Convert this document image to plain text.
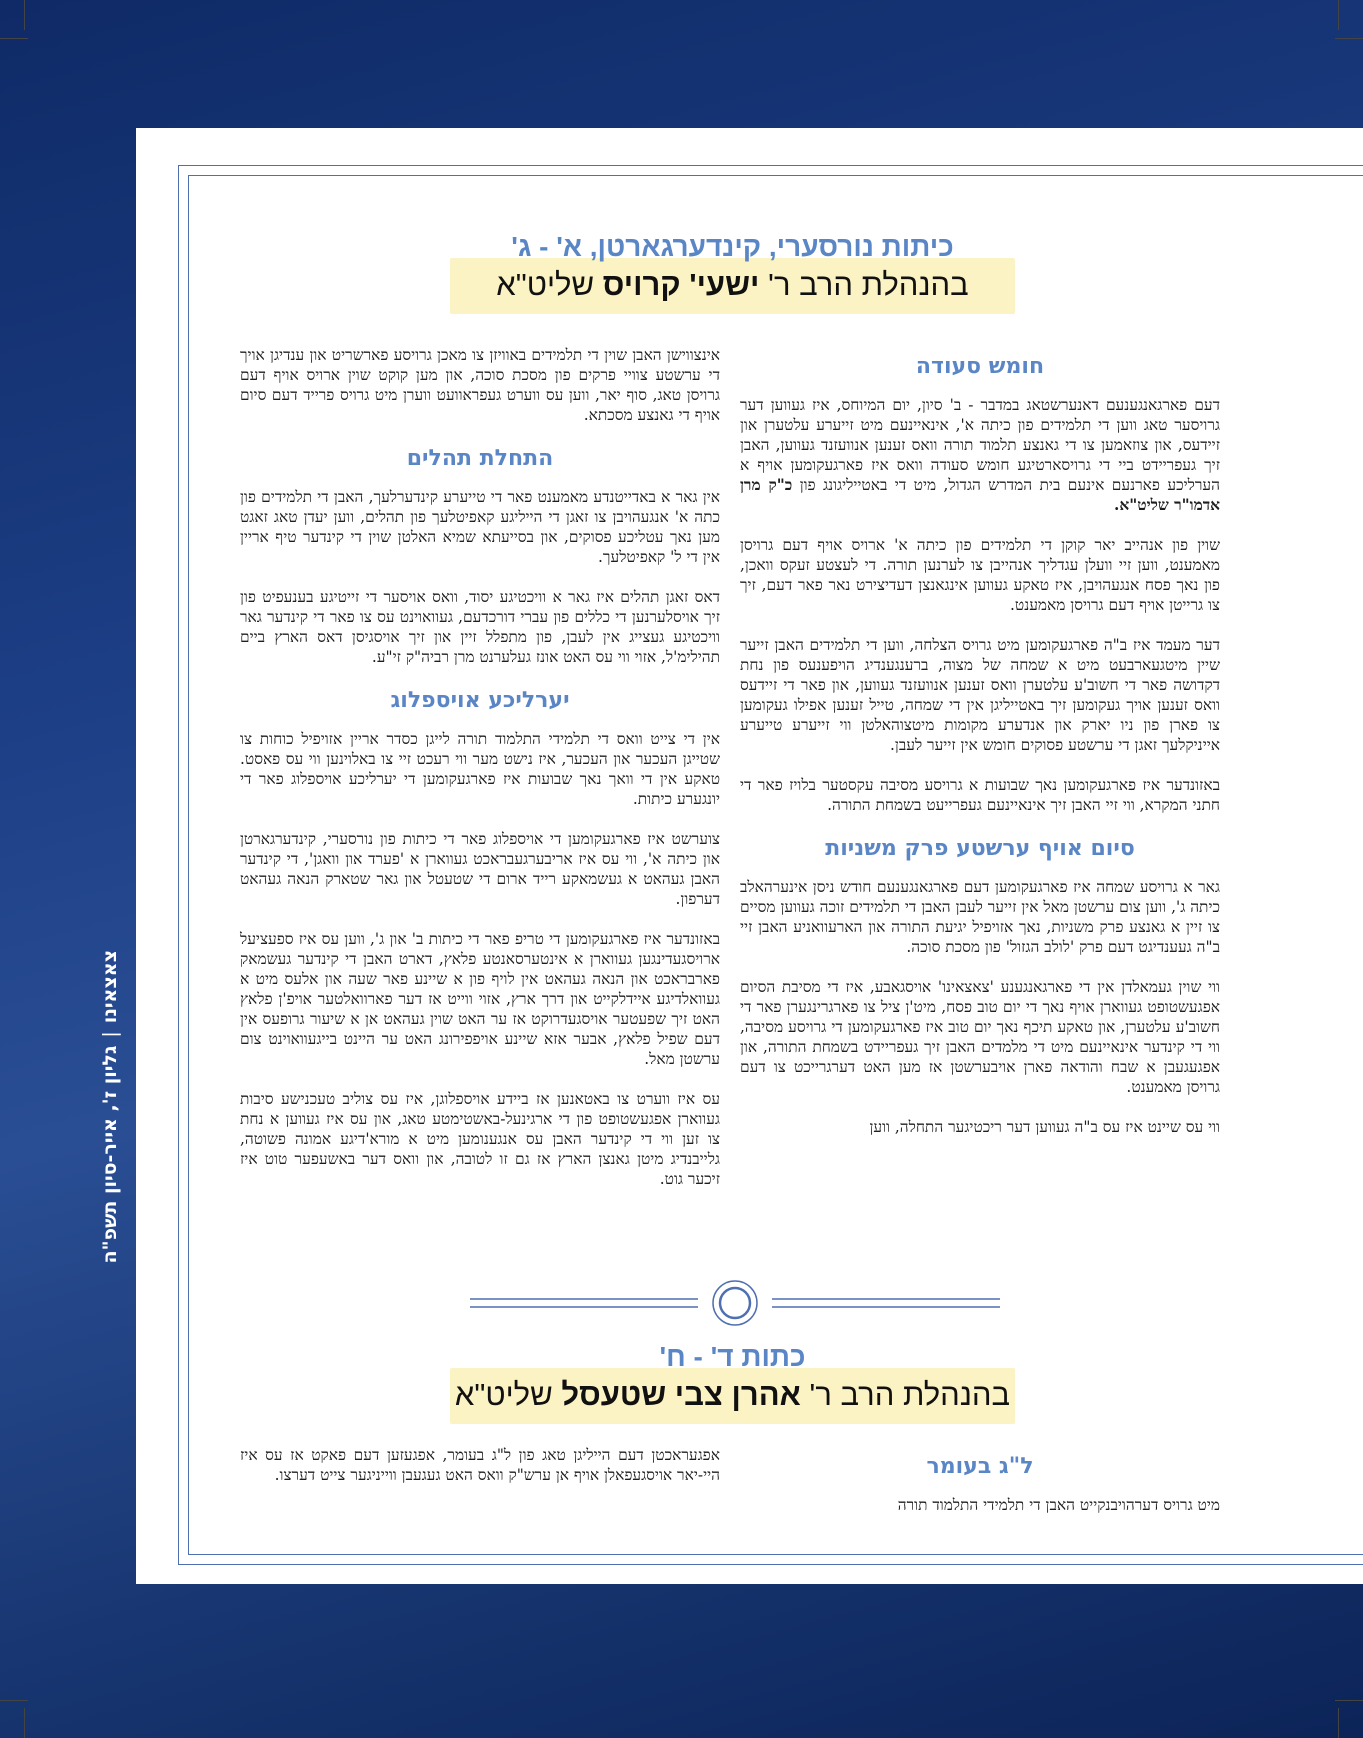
צאצאינו|גליון ז', אייר-סיון תשפ"ה
כיתות נורסערי, קינדערגארטן, א' - ג'
בהנהלת הרב ר' ישעי' קרויס שליט"א
חומש סעודה

דעם פארגאנגענעם דאנערשטאג במדבר - ב' סיון, יום המיוחס, איז געווען דער גרויסער טאג ווען די תלמידים פון כיתה א', אינאיינעם מיט זייערע עלטערן און זיידעס, און צוזאמען צו די גאנצע תלמוד תורה וואס זענען אנוועזנד געווען, האבן זיך געפריידט ביי די גרויסארטיגע חומש סעודה וואס איז פארגעקומען אויף א הערליכע פארנעם אינעם בית המדרש הגדול, מיט די באטייליגונג פון כ"ק מרן אדמו"ר שליט"א.

שוין פון אנהייב יאר קוקן די תלמידים פון כיתה א' ארויס אויף דעם גרויסן מאמענט, ווען זיי וועלן עגדליך אנהייבן צו לערנען תורה. די לעצטע זעקס וואכן, פון נאך פסח אנגעהויבן, איז טאקע געווען אינגאנצן דעדיצירט נאר פאר דעם, זיך צו גרייטן אויף דעם גרויסן מאמענט.

דער מעמד איז ב"ה פארגעקומען מיט גרויס הצלחה, ווען די תלמידים האבן זייער שיין מיטגעארבעט מיט א שמחה של מצוה, ברענגענדיג הויפענעס פון נחת דקדושה פאר די חשוב'ע עלטערן וואס זענען אנוועזנד געווען, און פאר די זיידעס וואס זענען אויך געקומען זיך באטייליגן אין די שמחה, טייל זענען אפילו געקומען צו פארן פון ניו יארק און אנדערע מקומות מיטצוהאלטן ווי זייערע טייערע אייניקלעך זאגן די ערשטע פסוקים חומש אין זייער לעבן.

באזונדער איז פארגעקומען נאך שבועות א גרויסע מסיבה עקסטער בלויז פאר די חתני המקרא, ווי זיי האבן זיך אינאיינעם געפרייעט בשמחת התורה.

סיום אויף ערשטע פרק משניות

גאר א גרויסע שמחה איז פארגעקומען דעם פארגאנגענעם חודש ניסן אינערהאלב כיתה ג', ווען צום ערשטן מאל אין זייער לעבן האבן די תלמידים זוכה געווען מסיים צו זיין א גאנצע פרק משניות, נאך אזויפיל יגיעת התורה און הארעוואניע האבן זיי ב"ה געענדיגט דעם פרק 'לולב הגזול' פון מסכת סוכה.

ווי שוין געמאלדן אין די פארגאנגענע 'צאצאינו' אויסגאבע, איז די מסיבת הסיום אפגעשטופט געווארן אויף נאך די יום טוב פסח, מיט'ן ציל צו פארגרינגערן פאר די חשוב'ע עלטערן, און טאקע תיכף נאך יום טוב איז פארגעקומען די גרויסע מסיבה, ווי די קינדער אינאיינעם מיט די מלמדים האבן זיך געפריידט בשמחת התורה, און אפגעגעבן א שבח והודאה פארן אויבערשטן אז מען האט דערגרייכט צו דעם גרויסן מאמענט.

ווי עס שיינט איז עס ב"ה געווען דער ריכטיגער התחלה, ווען

אינצווישן האבן שוין די תלמידים באוויזן צו מאכן גרויסע פארשריט און ענדיגן אויך די ערשטע צוויי פרקים פון מסכת סוכה, און מען קוקט שוין ארויס אויף דעם גרויסן טאג, סוף יאר, ווען עס ווערט געפראוועט ווערן מיט גרויס פרייד דעם סיום אויף די גאנצע מסכתא.

התחלת תהלים

אין גאר א באדייטנדע מאמענט פאר די טייערע קינדערלעך, האבן די תלמידים פון כתה א' אנגעהויבן צו זאגן די הייליגע קאפיטלעך פון תהלים, ווען יעדן טאג זאגט מען נאך עטליכע פסוקים, און בסייעתא שמיא האלטן שוין די קינדער טיף אריין אין די ל' קאפיטלעך.

דאס זאגן תהלים איז גאר א וויכטיגע יסוד, וואס אויסער די זייטיגע בענעפיט פון זיך אויסלערנען די כללים פון עברי דורכדעם, געוואוינט עס צו פאר די קינדער גאר וויכטיגע געצייג אין לעבן, פון מתפלל זיין און זיך אויסגיסן דאס הארץ ביים תהילימ'ל, אזוי ווי עס האט אונז געלערנט מרן רביה"ק זי"ע.

יערליכע אויספלוג

אין די צייט וואס די תלמידי התלמוד תורה לייגן כסדר אריין אזויפיל כוחות צו שטייגן העכער און העכער, איז נישט מער ווי רעכט זיי צו באלוינען ווי עס פאסט. טאקע אין די וואך נאך שבועות איז פארגעקומען די יערליכע אויספלוג פאר די יונגערע כיתות.

צוערשט איז פארגעקומען די אויספלוג פאר די כיתות פון נורסערי, קינדערגארטן און כיתה א', ווי עס איז אריבערגעבראכט געווארן א 'פערד און וואגן', די קינדער האבן געהאט א געשמאקע רייד ארום די שטעטל און גאר שטארק הנאה געהאט דערפון.

באזונדער איז פארגעקומען די טריפ פאר די כיתות ב' און ג', ווען עס איז ספעציעל ארויסגעדינגען געווארן א אינטערסאנטע פלאץ, דארט האבן די קינדער געשמאק פארבראכט און הנאה געהאט אין לויף פון א שיינע פאר שעה און אלעס מיט א געוואלדיגע איידלקייט און דרך ארץ, אזוי ווייט אז דער פארוואלטער אויפ'ן פלאץ האט זיך שפעטער אויסגעדרוקט אז ער האט שוין געהאט אן א שיעור גרופעס אין דעם שפיל פלאץ, אבער אזא שיינע אויפפירונג האט ער היינט בייגעוואוינט צום ערשטן מאל.

עס איז ווערט צו באטאנען אז ביידע אויספלוגן, איז עס צוליב טעכנישע סיבות געווארן אפגעשטופט פון די ארגינעל-באשטימטע טאג, און עס איז געווען א נחת צו זען ווי די קינדער האבן עס אנגענומען מיט א מורא'דיגע אמונה פשוטה, גלייבנדיג מיטן גאנצן הארץ אז גם זו לטובה, און וואס דער באשעפער טוט איז זיכער גוט.

כתות ד' - ח'
בהנהלת הרב ר' אהרן צבי שטעסל שליט"א
ל"ג בעומר

מיט גרויס דערהויבנקייט האבן די תלמידי התלמוד תורה

אפגעראכטן דעם הייליגן טאג פון ל"ג בעומר, אפגעזען דעם פאקט אז עס איז היי-יאר אויסגעפאלן אויף אן ערש"ק וואס האט געגעבן ווייניגער צייט דערצו.
